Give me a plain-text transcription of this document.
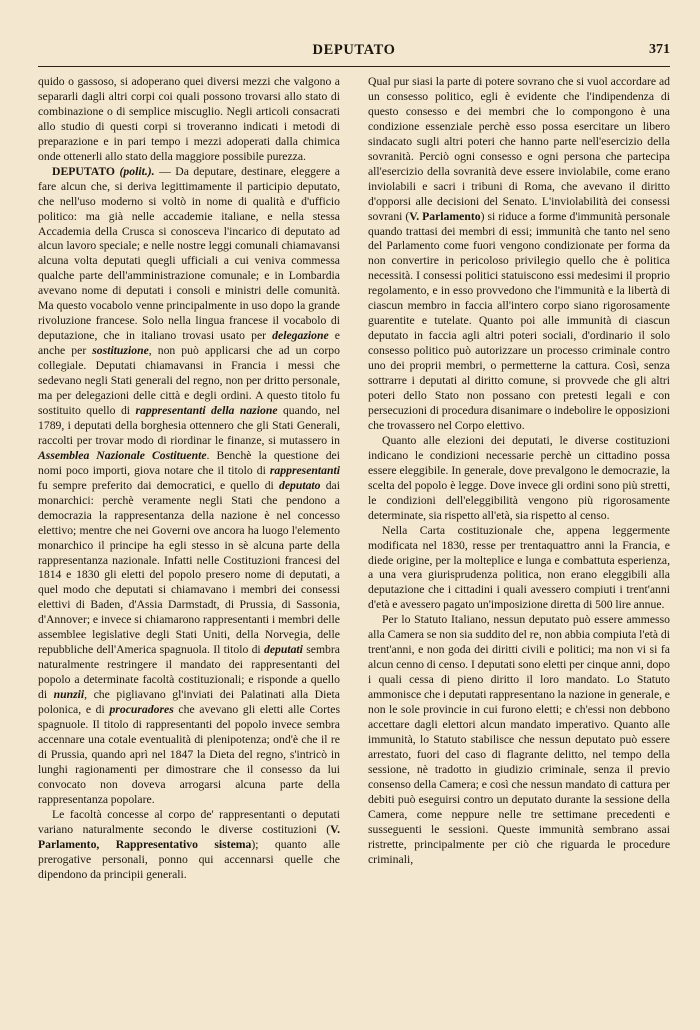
DEPUTATO	371

quido o gassoso, si adoperano quei diversi mezzi che valgono a separarli dagli altri corpi coi quali possono trovarsi allo stato di combinazione o di semplice miscuglio. Negli articoli consacrati allo studio di questi corpi si troveranno indicati i metodi di preparazione e in pari tempo i mezzi adoperati dalla chimica onde ottenerli allo stato della maggiore possibile purezza.

DEPUTATO (polit.). — Da deputare, destinare, eleggere a fare alcun che, si deriva legittimamente il participio deputato, che nell'uso moderno si voltò in nome di qualità e d'ufficio politico: ma già nelle accademie italiane, e nella stessa Accademia della Crusca si conosceva l'incarico di deputato ad alcun lavoro speciale; e nelle nostre leggi comunali chiamavansi alcuna volta deputati quegli ufficiali a cui veniva commessa qualche parte dell'amministrazione comunale; e in Lombardia avevano nome di deputati i consoli e ministri delle comunità. Ma questo vocabolo venne principalmente in uso dopo la grande rivoluzione francese. Solo nella lingua francese il vocabolo di deputazione, che in italiano trovasi usato per delegazione e anche per sostituzione, non può applicarsi che ad un corpo collegiale. Deputati chiamavansi in Francia i messi che sedevano negli Stati generali del regno, non per dritto personale, ma per delegazioni delle città e degli ordini. A questo titolo fu sostituito quello di rappresentanti della nazione quando, nel 1789, i deputati della borghesia ottennero che gli Stati Generali, raccolti per trovar modo di riordinar le finanze, si mutassero in Assemblea Nazionale Costituente. Benchè la questione dei nomi poco importi, giova notare che il titolo di rappresentanti fu sempre preferito dai democratici, e quello di deputato dai monarchici: perchè veramente negli Stati che pendono a democrazia la rappresentanza della nazione è nel concesso elettivo; mentre che nei Governi ove ancora ha luogo l'elemento monarchico il principe ha egli stesso in sè alcuna parte della rappresentanza nazionale. Infatti nelle Costituzioni francesi del 1814 e 1830 gli eletti del popolo presero nome di deputati, a quel modo che deputati si chiamavano i membri dei consessi elettivi di Baden, d'Assia Darmstadt, di Prussia, di Sassonia, d'Annover; e invece si chiamarono rappresentanti i membri delle assemblee legislative degli Stati Uniti, della Norvegia, delle repubbliche dell'America spagnuola. Il titolo di deputati sembra naturalmente restringere il mandato dei rappresentanti del popolo a determinate facoltà costituzionali; e risponde a quello di nunzii, che pigliavano gl'inviati dei Palatinati alla Dieta polonica, e di procuradores che avevano gli eletti alle Cortes spagnuole. Il titolo di rappresentanti del popolo invece sembra accennare una cotale eventualità di plenipotenza; ond'è che il re di Prussia, quando aprì nel 1847 la Dieta del regno, s'intricò in lunghi ragionamenti per dimostrare che il consesso da lui convocato non doveva arrogarsi alcuna parte della rappresentanza popolare.

Le facoltà concesse al corpo de' rappresentanti o deputati variano naturalmente secondo le diverse costituzioni (V. Parlamento, Rappresentativo sistema); quanto alle prerogative personali, ponno qui accennarsi quelle che dipendono da principii generali.

Qual pur siasi la parte di potere sovrano che si vuol accordare ad un consesso politico, egli è evidente che l'indipendenza di questo consesso e dei membri che lo compongono è una condizione essenziale perchè esso possa esercitare un libero sindacato sugli altri poteri che hanno parte nell'esercizio della sovranità. Perciò ogni consesso e ogni persona che partecipa all'esercizio della sovranità deve essere inviolabile, come erano inviolabili e sacri i tribuni di Roma, che avevano il diritto d'opporsi alle decisioni del Senato. L'inviolabilità dei consessi sovrani (V. Parlamento) si riduce a forme d'immunità personale quando trattasi dei membri di essi; immunità che tanto nel seno del Parlamento come fuori vengono condizionate per forma da non convertire in pericoloso privilegio quello che è politica necessità. I consessi politici statuiscono essi medesimi il proprio regolamento, e in esso provvedono che l'immunità e la libertà di ciascun membro in faccia all'intero corpo siano rigorosamente guarentite e tutelate. Quanto poi alle immunità di ciascun deputato in faccia agli altri poteri sociali, d'ordinario il solo consesso politico può autorizzare un processo criminale contro uno dei proprii membri, o permetterne la cattura. Così, senza sottrarre i deputati al diritto comune, si provvede che gli altri poteri dello Stato non possano con pretesti legali e con persecuzioni di procedura disanimare o indebolire le opposizioni che trovassero nel Corpo elettivo.

Quanto alle elezioni dei deputati, le diverse costituzioni indicano le condizioni necessarie perchè un cittadino possa essere eleggibile. In generale, dove prevalgono le democrazie, la scelta del popolo è legge. Dove invece gli ordini sono più stretti, le condizioni dell'eleggibilità vengono più rigorosamente determinate, sia rispetto all'età, sia rispetto al censo.

Nella Carta costituzionale che, appena leggermente modificata nel 1830, resse per trentaquattro anni la Francia, e diede origine, per la molteplice e lunga e combattuta esperienza, a una vera giurisprudenza politica, non erano eleggibili alla deputazione che i cittadini i quali avessero compiuti i trent'anni d'età e avessero pagato un'imposizione diretta di 500 lire annue.

Per lo Statuto Italiano, nessun deputato può essere ammesso alla Camera se non sia suddito del re, non abbia compiuta l'età di trent'anni, e non goda dei diritti civili e politici; ma non vi si fa alcun cenno di censo. I deputati sono eletti per cinque anni, dopo i quali cessa di pieno diritto il loro mandato. Lo Statuto ammonisce che i deputati rappresentano la nazione in generale, e non le sole provincie in cui furono eletti; e ch'essi non debbono accettare dagli elettori alcun mandato imperativo. Quanto alle immunità, lo Statuto stabilisce che nessun deputato può essere arrestato, fuori del caso di flagrante delitto, nel tempo della sessione, nè tradotto in giudizio criminale, senza il previo consenso della Camera; e così che nessun mandato di cattura per debiti può eseguirsi contro un deputato durante la sessione della Camera, come neppure nelle tre settimane precedenti e susseguenti le sessioni. Queste immunità sembrano assai ristrette, principalmente per ciò che riguarda le procedure criminali,
